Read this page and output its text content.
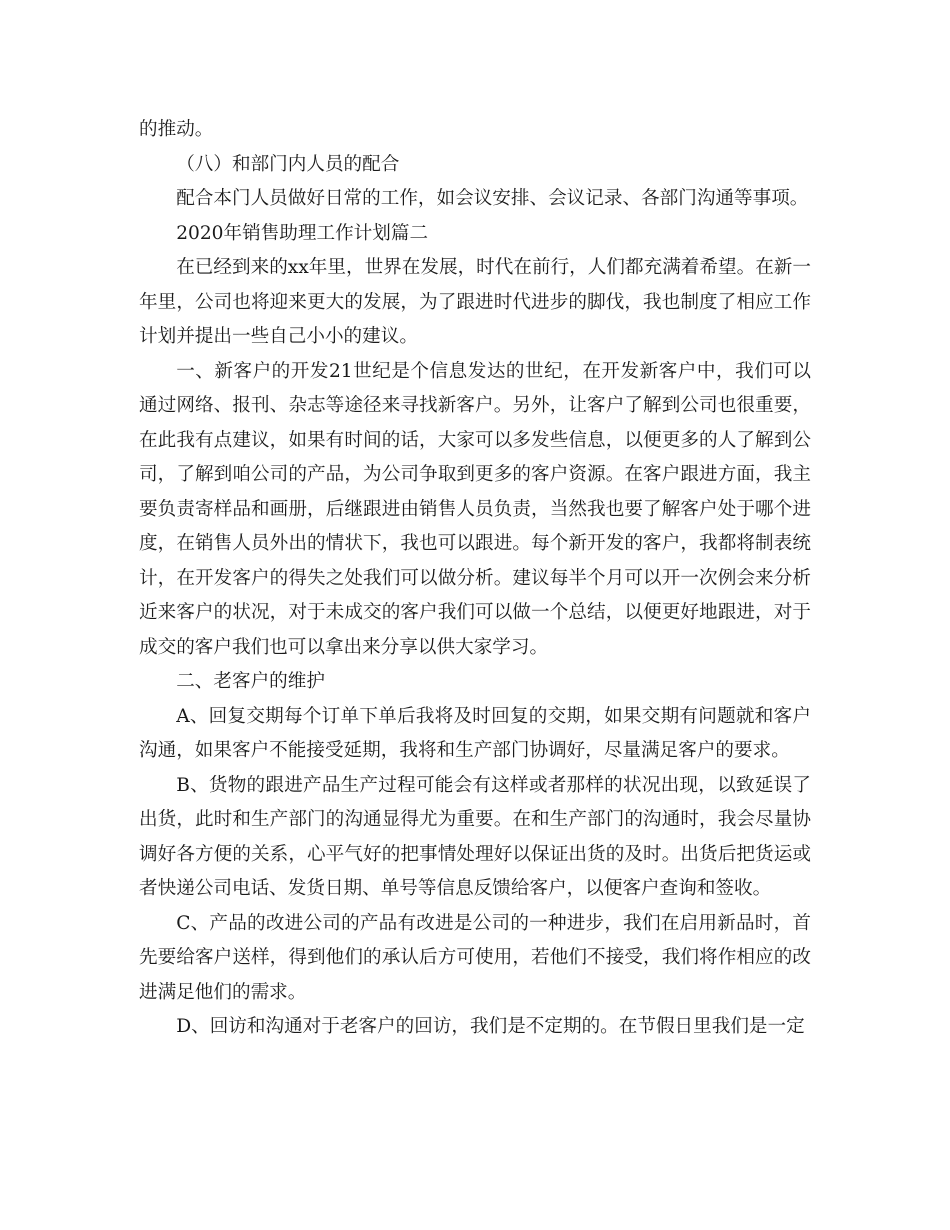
的推动。

（八）和部门内人员的配合

配合本门人员做好日常的工作，如会议安排、会议记录、各部门沟通等事项。

2020年销售助理工作计划篇二

在已经到来的xx年里，世界在发展，时代在前行，人们都充满着希望。在新一年里，公司也将迎来更大的发展，为了跟进时代进步的脚伐，我也制度了相应工作计划并提出一些自己小小的建议。

一、新客户的开发21世纪是个信息发达的世纪，在开发新客户中，我们可以通过网络、报刊、杂志等途径来寻找新客户。另外，让客户了解到公司也很重要，在此我有点建议，如果有时间的话，大家可以多发些信息，以便更多的人了解到公司，了解到咱公司的产品，为公司争取到更多的客户资源。在客户跟进方面，我主要负责寄样品和画册，后继跟进由销售人员负责，当然我也要了解客户处于哪个进度，在销售人员外出的情状下，我也可以跟进。每个新开发的客户，我都将制表统计，在开发客户的得失之处我们可以做分析。建议每半个月可以开一次例会来分析近来客户的状况，对于未成交的客户我们可以做一个总结，以便更好地跟进，对于成交的客户我们也可以拿出来分享以供大家学习。

二、老客户的维护

A、回复交期每个订单下单后我将及时回复的交期，如果交期有问题就和客户沟通，如果客户不能接受延期，我将和生产部门协调好，尽量满足客户的要求。

B、货物的跟进产品生产过程可能会有这样或者那样的状况出现，以致延误了出货，此时和生产部门的沟通显得尤为重要。在和生产部门的沟通时，我会尽量协调好各方便的关系，心平气好的把事情处理好以保证出货的及时。出货后把货运或者快递公司电话、发货日期、单号等信息反馈给客户，以便客户查询和签收。

C、产品的改进公司的产品有改进是公司的一种进步，我们在启用新品时，首先要给客户送样，得到他们的承认后方可使用，若他们不接受，我们将作相应的改进满足他们的需求。

D、回访和沟通对于老客户的回访，我们是不定期的。在节假日里我们是一定
